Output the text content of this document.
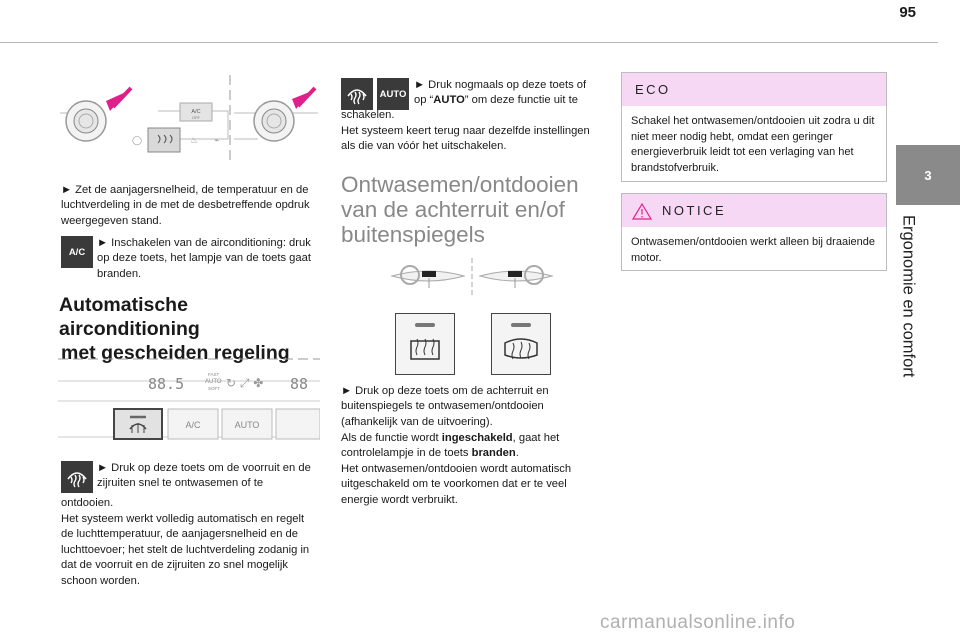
95
3
Ergonomie en comfort
A/C
OFF
◯	♨ ⌁
► Zet de aanjagersnelheid, de temperatuur en de luchtverdeling in de met de desbetreffende opdruk weergegeven stand.
A/C
► Inschakelen van de airconditioning: druk op deze toets, het lampje van de toets gaat branden.
Automatische airconditioning
met gescheiden regeling
88.5
FAST
AUTO
SOFT ↻ ⤢ ✤ 88
A/C	AUTO
► Druk op deze toets om de voorruit en de
zijruiten snel te ontwasemen of te
ontdooien.
Het systeem werkt volledig automatisch en regelt de luchttemperatuur, de aanjagersnelheid en de luchttoevoer; het stelt de luchtverdeling zodanig in dat de voorruit en de zijruiten zo snel mogelijk schoon worden.
AUTO
► Druk nogmaals op deze toets of op “AUTO” om deze functie uit te
schakelen.
Het systeem keert terug naar dezelfde instellingen als die van vóór het uitschakelen.
Ontwasemen/ontdooien
van de achterruit en/of
buitenspiegels
► Druk op deze toets om de achterruit en buitenspiegels te ontwasemen/ontdooien (afhankelijk van de uitvoering).
Als de functie wordt ingeschakeld, gaat het controlelampje in de toets branden.
Het ontwasemen/ontdooien wordt automatisch uitgeschakeld om te voorkomen dat er te veel energie wordt verbruikt.
ECO
Schakel het ontwasemen/ontdooien uit zodra u dit niet meer nodig hebt, omdat een geringer energieverbruik leidt tot een verlaging van het brandstofverbruik.
NOTICE
Ontwasemen/ontdooien werkt alleen bij draaiende motor.
carmanualsonline.info
